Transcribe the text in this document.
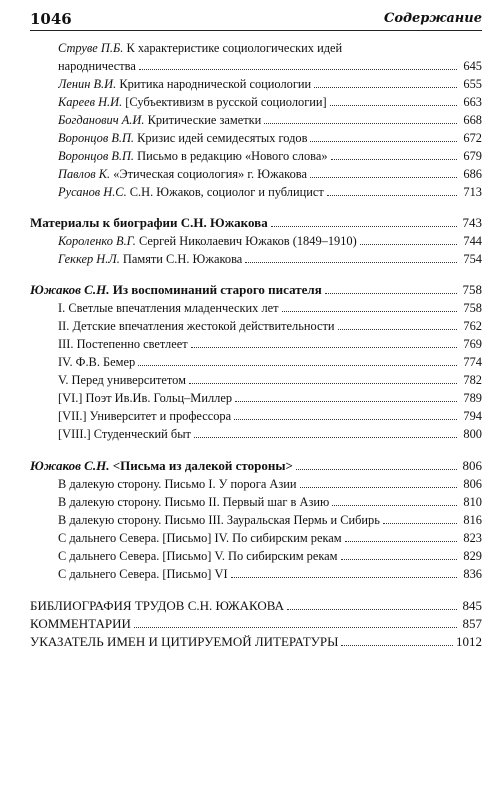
1046	Содержание
Струве П.Б. К характеристике социологических идей
народничества	645
Ленин В.И. Критика народнической социологии	655
Кареев Н.И. [Субъективизм в русской социологии]	663
Богданович А.И. Критические заметки	668
Воронцов В.П. Кризис идей семидесятых годов	672
Воронцов В.П. Письмо в редакцию «Нового слова»	679
Павлов К. «Этическая социология» г. Южакова	686
Русанов Н.С. С.Н. Южаков, социолог и публицист	713
Материалы к биографии С.Н. Южакова	743
Короленко В.Г. Сергей Николаевич Южаков (1849–1910)	744
Геккер Н.Л. Памяти С.Н. Южакова	754
Южаков С.Н. Из воспоминаний старого писателя	758
I. Светлые впечатления младенческих лет	758
II. Детские впечатления жестокой действительности	762
III. Постепенно светлеет	769
IV. Ф.В. Бемер	774
V. Перед университетом	782
[VI.] Поэт Ив.Ив. Гольц–Миллер	789
[VII.] Университет и профессора	794
[VIII.] Студенческий быт	800
Южаков С.Н. <Письма из далекой стороны>	806
В далекую сторону. Письмо I. У порога Азии	806
В далекую сторону. Письмо II. Первый шаг в Азию	810
В далекую сторону. Письмо III. Зауральская Пермь и Сибирь	816
С дальнего Севера. [Письмо] IV. По сибирским рекам	823
С дальнего Севера. [Письмо] V. По сибирским рекам	829
С дальнего Севера. [Письмо] VI	836
БИБЛИОГРАФИЯ ТРУДОВ С.Н. ЮЖАКОВА	845
КОММЕНТАРИИ	857
УКАЗАТЕЛЬ ИМЕН И ЦИТИРУЕМОЙ ЛИТЕРАТУРЫ	1012
